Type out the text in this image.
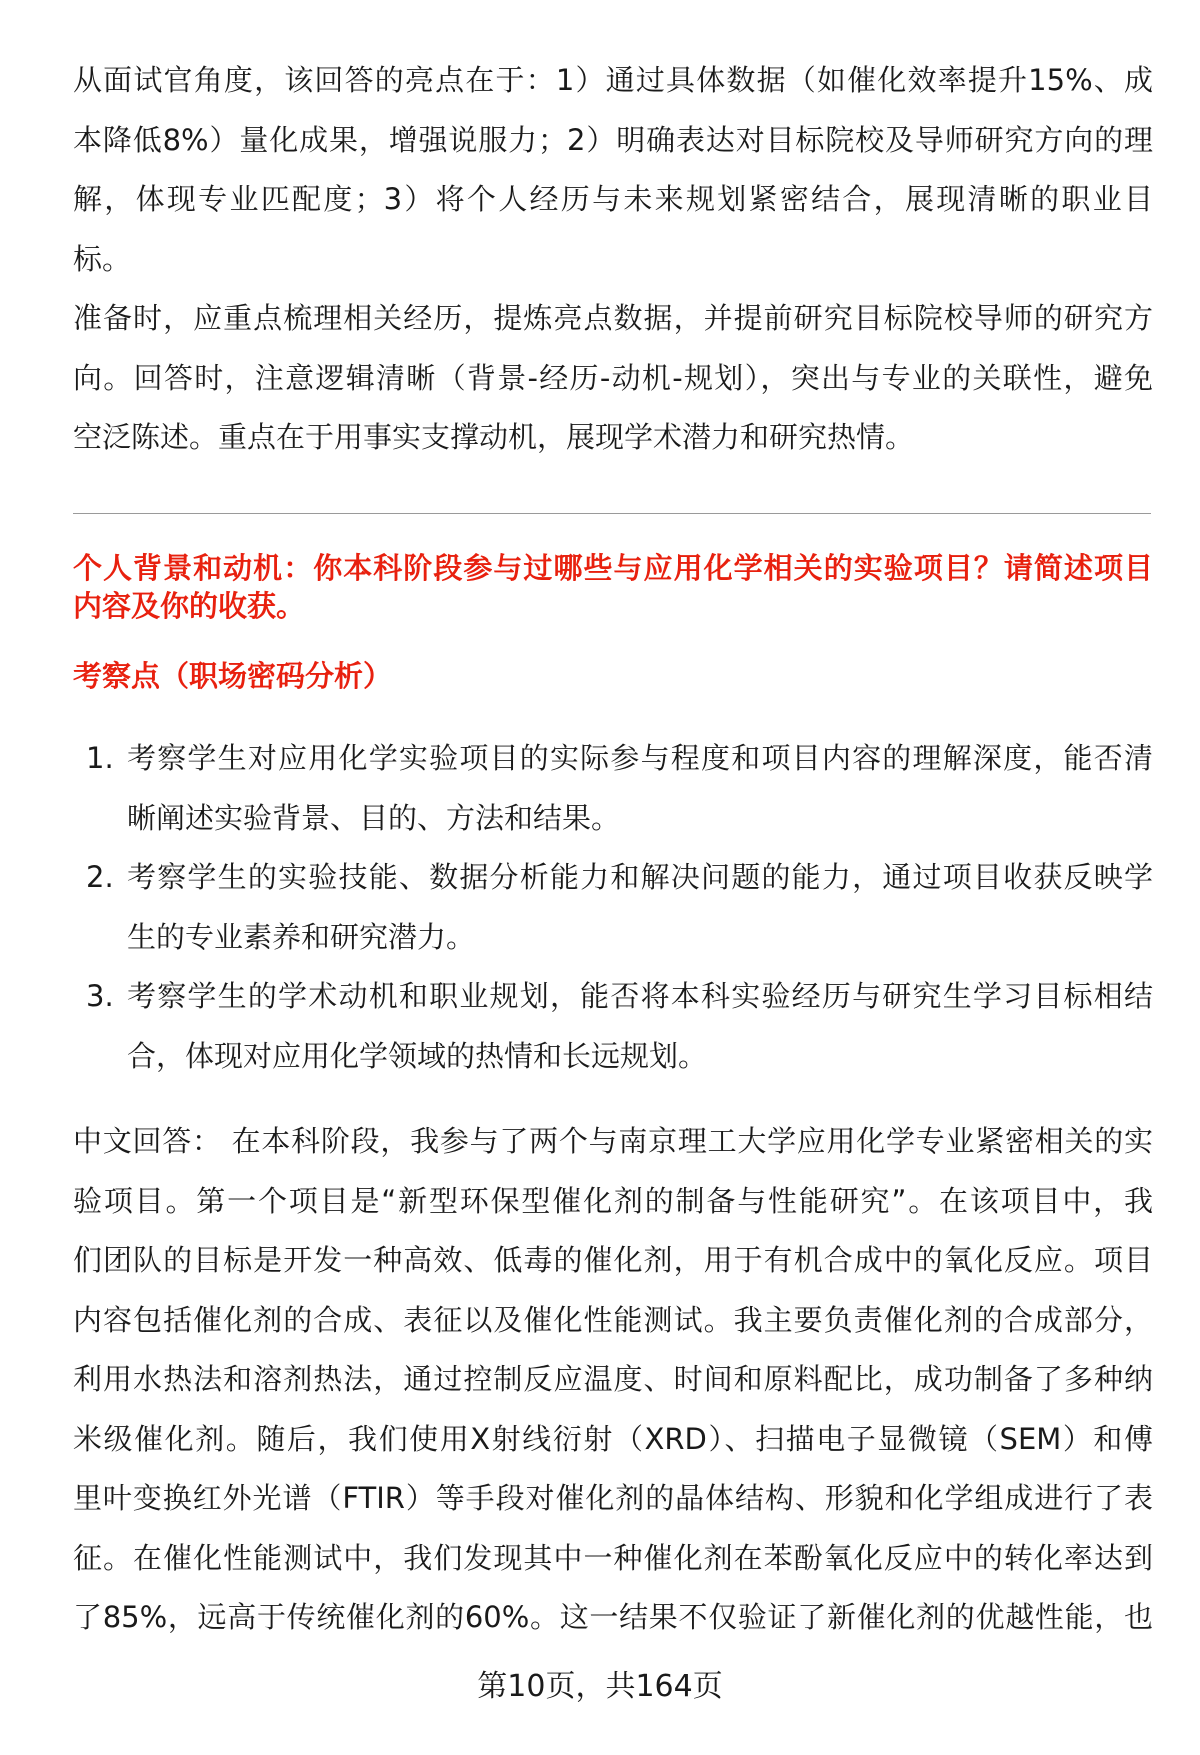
从面试官角度，该回答的亮点在于：1）通过具体数据（如催化效率提升15%、成
本降低8%）量化成果，增强说服力；2）明确表达对目标院校及导师研究方向的理
解，体现专业匹配度；3）将个人经历与未来规划紧密结合，展现清晰的职业目
标。
准备时，应重点梳理相关经历，提炼亮点数据，并提前研究目标院校导师的研究方
向。回答时，注意逻辑清晰（背景-经历-动机-规划），突出与专业的关联性，避免
空泛陈述。重点在于用事实支撑动机，展现学术潜力和研究热情。
个人背景和动机：你本科阶段参与过哪些与应用化学相关的实验项目？请简述项目
内容及你的收获。
考察点（职场密码分析）
1. 考察学生对应用化学实验项目的实际参与程度和项目内容的理解深度，能否清
晰阐述实验背景、目的、方法和结果。
2. 考察学生的实验技能、数据分析能力和解决问题的能力，通过项目收获反映学
生的专业素养和研究潜力。
3. 考察学生的学术动机和职业规划，能否将本科实验经历与研究生学习目标相结
合，体现对应用化学领域的热情和长远规划。
中文回答： 在本科阶段，我参与了两个与南京理工大学应用化学专业紧密相关的实
验项目。第一个项目是“新型环保型催化剂的制备与性能研究”。在该项目中，我
们团队的目标是开发一种高效、低毒的催化剂，用于有机合成中的氧化反应。项目
内容包括催化剂的合成、表征以及催化性能测试。我主要负责催化剂的合成部分，
利用水热法和溶剂热法，通过控制反应温度、时间和原料配比，成功制备了多种纳
米级催化剂。随后，我们使用X射线衍射（XRD）、扫描电子显微镜（SEM）和傅
里叶变换红外光谱（FTIR）等手段对催化剂的晶体结构、形貌和化学组成进行了表
征。在催化性能测试中，我们发现其中一种催化剂在苯酚氧化反应中的转化率达到
了85%，远高于传统催化剂的60%。这一结果不仅验证了新催化剂的优越性能，也
第10页，共164页
